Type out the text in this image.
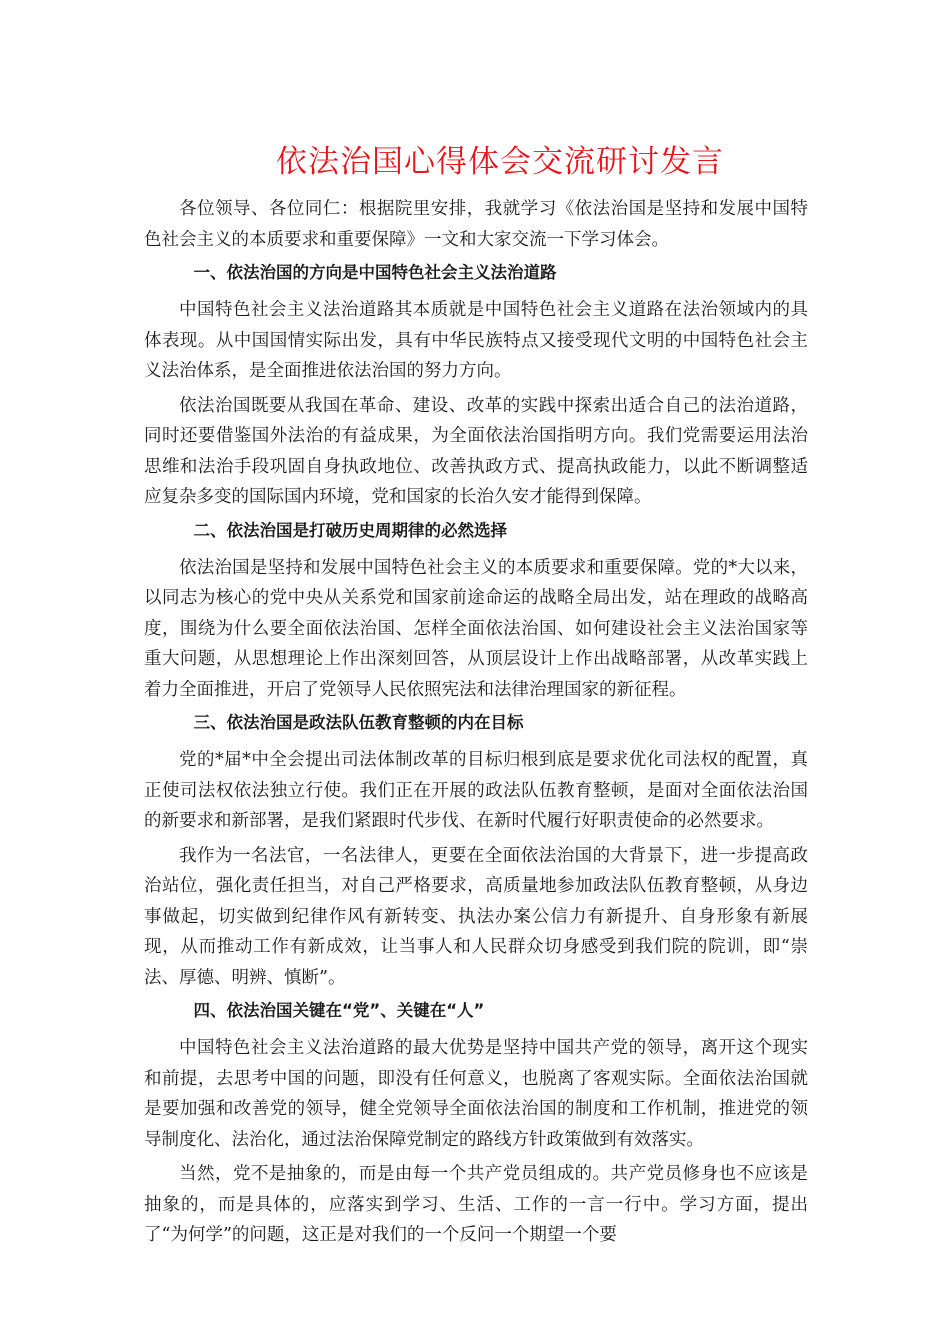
依法治国心得体会交流研讨发言

各位领导、各位同仁：根据院里安排，我就学习《依法治国是坚持和发展中国特色社会主义的本质要求和重要保障》一文和大家交流一下学习体会。

一、依法治国的方向是中国特色社会主义法治道路

中国特色社会主义法治道路其本质就是中国特色社会主义道路在法治领域内的具体表现。从中国国情实际出发，具有中华民族特点又接受现代文明的中国特色社会主义法治体系，是全面推进依法治国的努力方向。

依法治国既要从我国在革命、建设、改革的实践中探索出适合自己的法治道路，同时还要借鉴国外法治的有益成果，为全面依法治国指明方向。我们党需要运用法治思维和法治手段巩固自身执政地位、改善执政方式、提高执政能力，以此不断调整适应复杂多变的国际国内环境，党和国家的长治久安才能得到保障。

二、依法治国是打破历史周期律的必然选择

依法治国是坚持和发展中国特色社会主义的本质要求和重要保障。党的*大以来，以同志为核心的党中央从关系党和国家前途命运的战略全局出发，站在理政的战略高度，围绕为什么要全面依法治国、怎样全面依法治国、如何建设社会主义法治国家等重大问题，从思想理论上作出深刻回答，从顶层设计上作出战略部署，从改革实践上着力全面推进，开启了党领导人民依照宪法和法律治理国家的新征程。

三、依法治国是政法队伍教育整顿的内在目标

党的*届*中全会提出司法体制改革的目标归根到底是要求优化司法权的配置，真正使司法权依法独立行使。我们正在开展的政法队伍教育整顿，是面对全面依法治国的新要求和新部署，是我们紧跟时代步伐、在新时代履行好职责使命的必然要求。

我作为一名法官，一名法律人，更要在全面依法治国的大背景下，进一步提高政治站位，强化责任担当，对自己严格要求，高质量地参加政法队伍教育整顿，从身边事做起，切实做到纪律作风有新转变、执法办案公信力有新提升、自身形象有新展现，从而推动工作有新成效，让当事人和人民群众切身感受到我们院的院训，即“崇法、厚德、明辨、慎断”。

四、依法治国关键在“党”、关键在“人”

中国特色社会主义法治道路的最大优势是坚持中国共产党的领导，离开这个现实和前提，去思考中国的问题，即没有任何意义，也脱离了客观实际。全面依法治国就是要加强和改善党的领导，健全党领导全面依法治国的制度和工作机制，推进党的领导制度化、法治化，通过法治保障党制定的路线方针政策做到有效落实。

当然，党不是抽象的，而是由每一个共产党员组成的。共产党员修身也不应该是抽象的，而是具体的，应落实到学习、生活、工作的一言一行中。学习方面，提出了“为何学”的问题，这正是对我们的一个反问一个期望一个要
